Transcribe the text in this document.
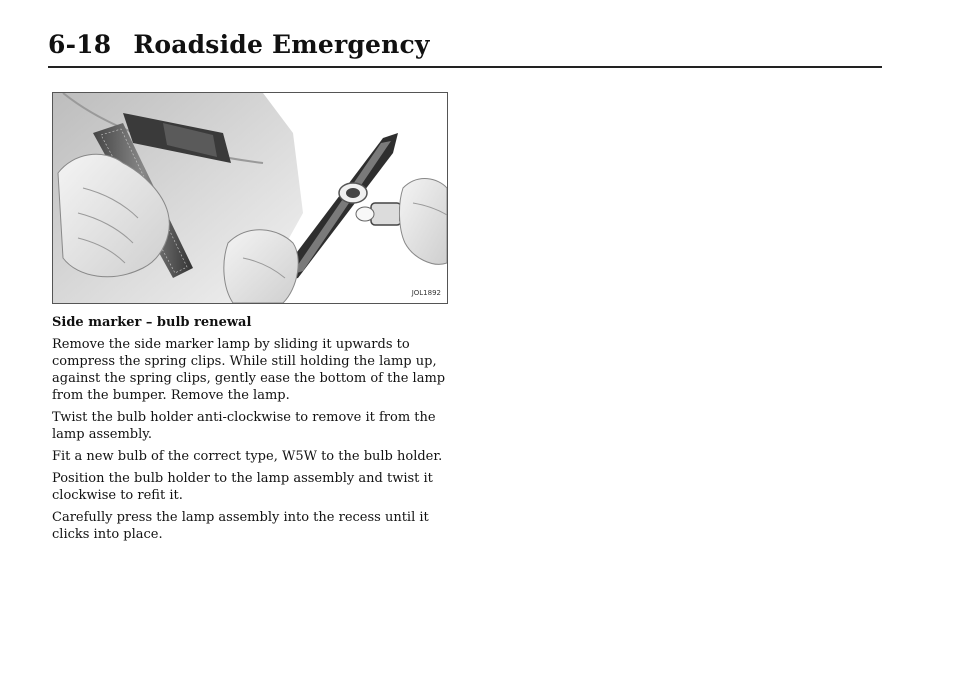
6-18 Roadside Emergency
JOL1892
Side marker – bulb renewal

Remove the side marker lamp by sliding it upwards to compress the spring clips. While still holding the lamp up, against the spring clips, gently ease the bottom of the lamp from the bumper. Remove the lamp.

Twist the bulb holder anti-clockwise to remove it from the lamp assembly.

Fit a new bulb of the correct type, W5W to the bulb holder.

Position the bulb holder to the lamp assembly and twist it clockwise to refit it.

Carefully press the lamp assembly into the recess until it clicks into place.
